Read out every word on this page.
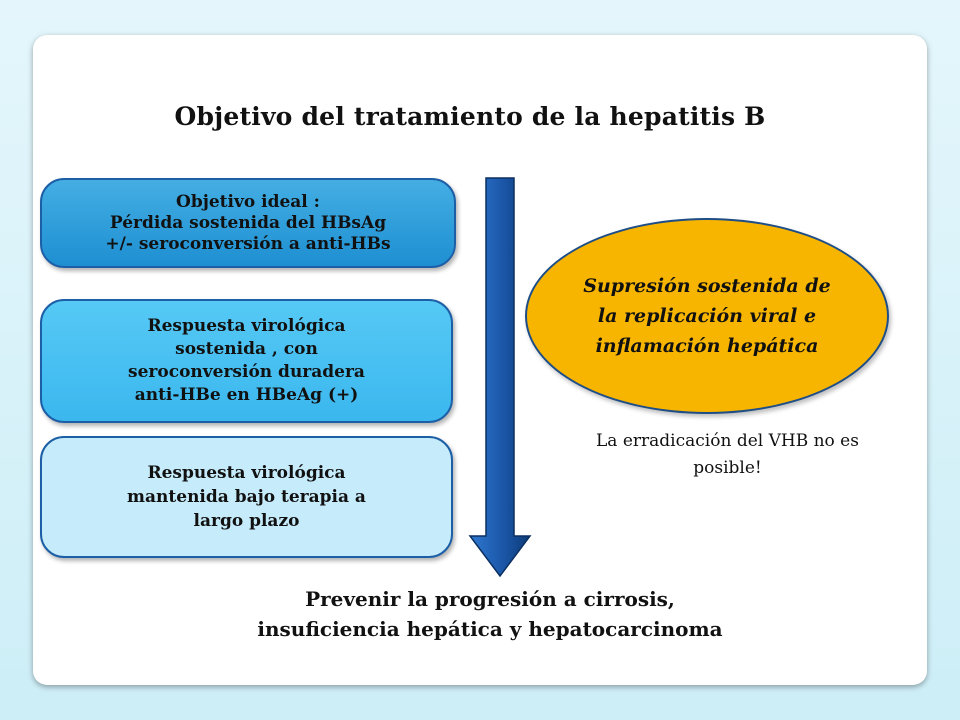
Objetivo del tratamiento de la hepatitis B
Objetivo ideal :
Pérdida sostenida del HBsAg
+/- seroconversión a anti-HBs
Respuesta virológica
sostenida , con
seroconversión duradera
anti-HBe en HBeAg (+)
Respuesta virológica
mantenida bajo terapia a
largo plazo
Supresión sostenida de
la replicación viral e
inflamación hepática
La erradicación del VHB no es
posible!
Prevenir la progresión a cirrosis,
insuficiencia hepática y hepatocarcinoma
